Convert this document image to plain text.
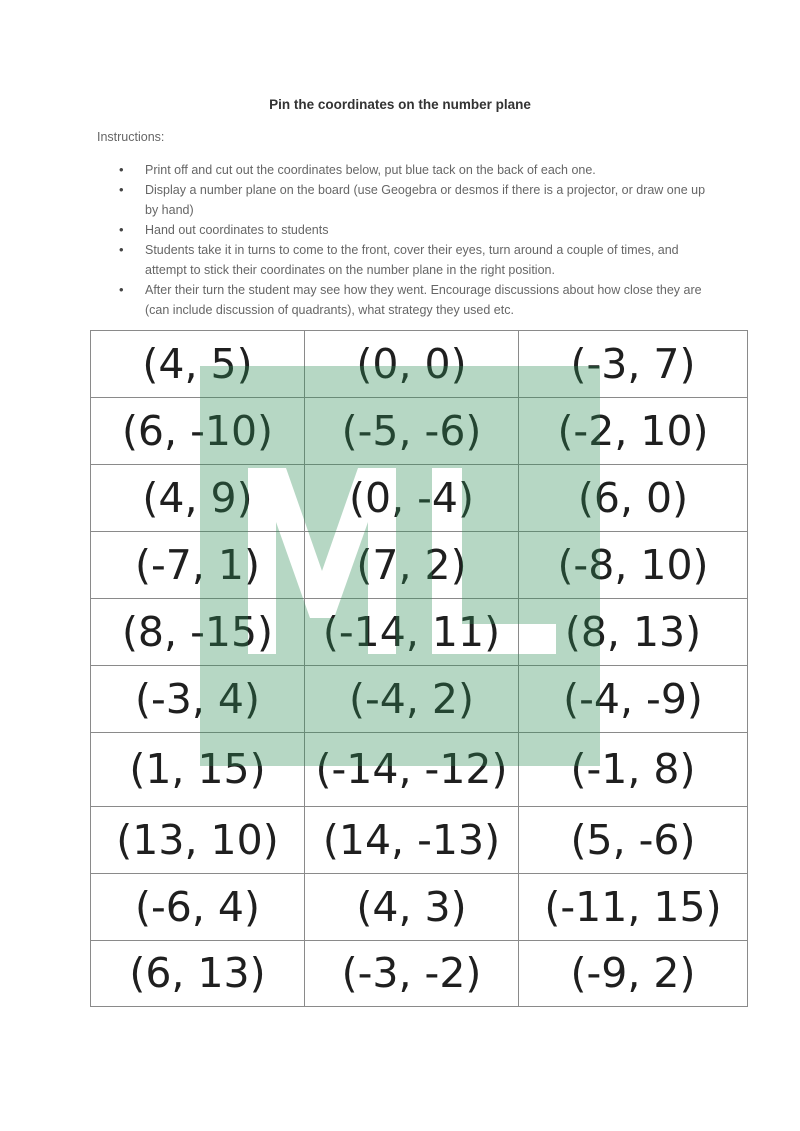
Pin the coordinates on the number plane
Instructions:
• Print off and cut out the coordinates below, put blue tack on the back of each one.
• Display a number plane on the board (use Geogebra or desmos if there is a projector, or draw one up by hand)
• Hand out coordinates to students
• Students take it in turns to come to the front, cover their eyes, turn around a couple of times, and attempt to stick their coordinates on the number plane in the right position.
• After their turn the student may see how they went. Encourage discussions about how close they are (can include discussion of quadrants), what strategy they used etc.
(4, 5)	(0, 0)	(-3, 7)
(6, -10)	(-5, -6)	(-2, 10)
(4, 9)	(0, -4)	(6, 0)
(-7, 1)	(7, 2)	(-8, 10)
(8, -15)	(-14, 11)	(8, 13)
(-3, 4)	(-4, 2)	(-4, -9)
(1, 15)	(-14, -12)	(-1, 8)
(13, 10)	(14, -13)	(5, -6)
(-6, 4)	(4, 3)	(-11, 15)
(6, 13)	(-3, -2)	(-9, 2)
